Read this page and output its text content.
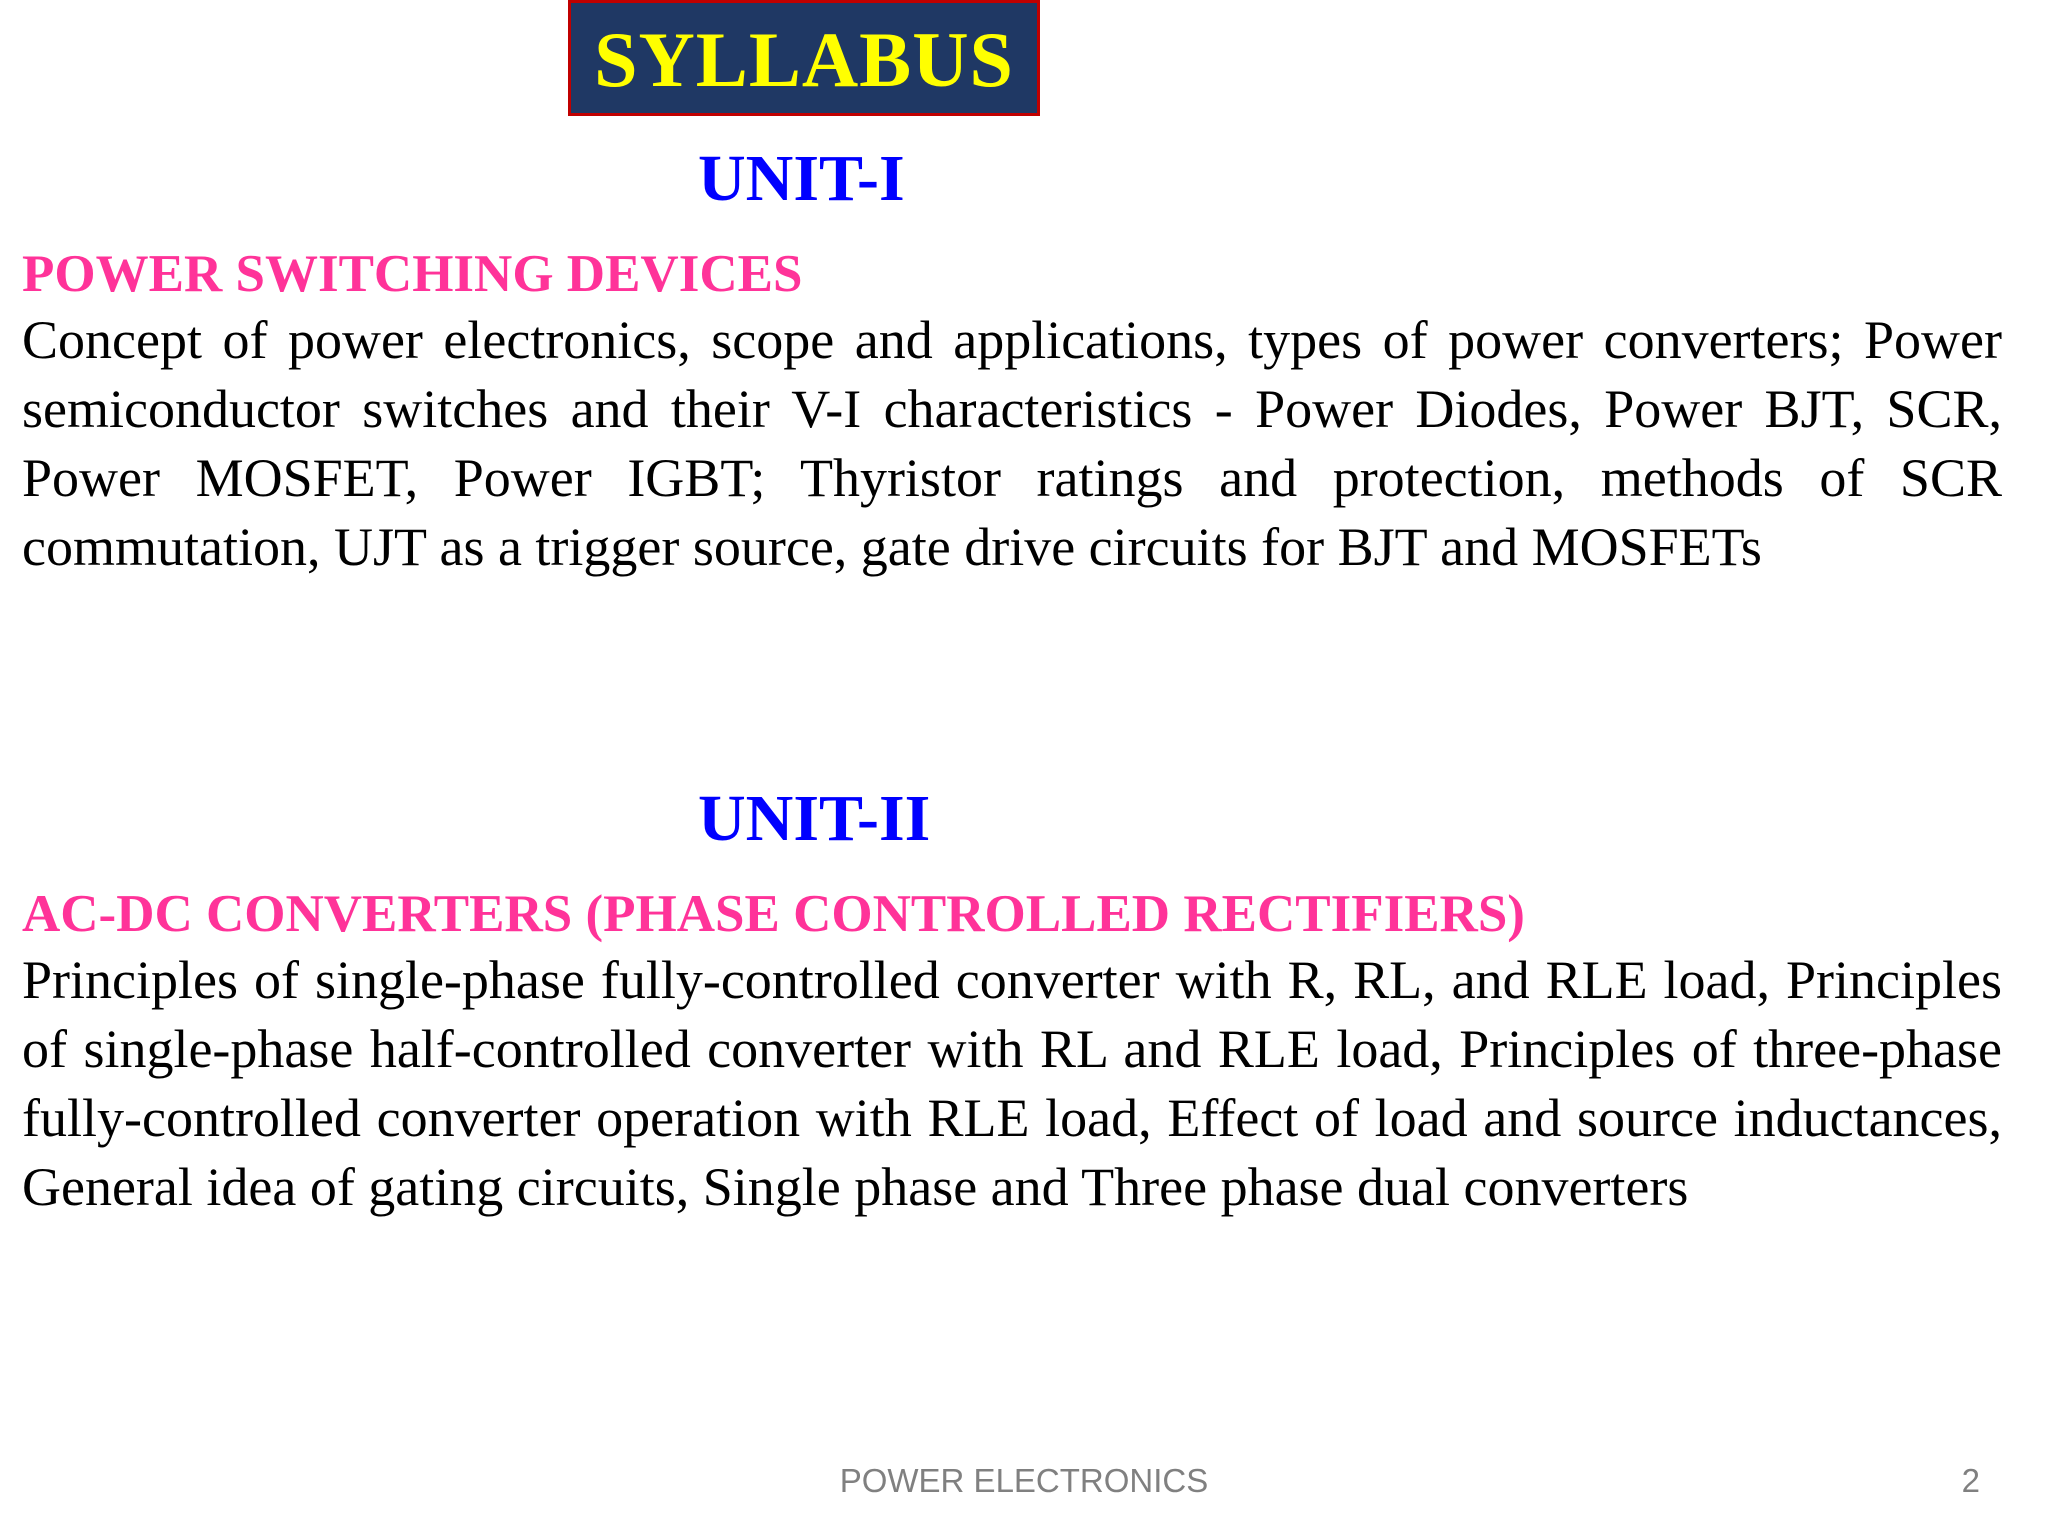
SYLLABUS
UNIT-I
POWER SWITCHING DEVICES

Concept of power electronics, scope and applications, types of power converters; Power semiconductor switches and their V-I characteristics - Power Diodes, Power BJT, SCR, Power MOSFET, Power IGBT; Thyristor ratings and protection, methods of SCR commutation, UJT as a trigger source, gate drive circuits for BJT and MOSFETs

UNIT-II
AC-DC CONVERTERS (PHASE CONTROLLED RECTIFIERS)

Principles of single-phase fully-controlled converter with R, RL, and RLE load, Principles of single-phase half-controlled converter with RL and RLE load, Principles of three-phase fully-controlled converter operation with RLE load, Effect of load and source inductances, General idea of gating circuits, Single phase and Three phase dual converters

POWER ELECTRONICS	2
